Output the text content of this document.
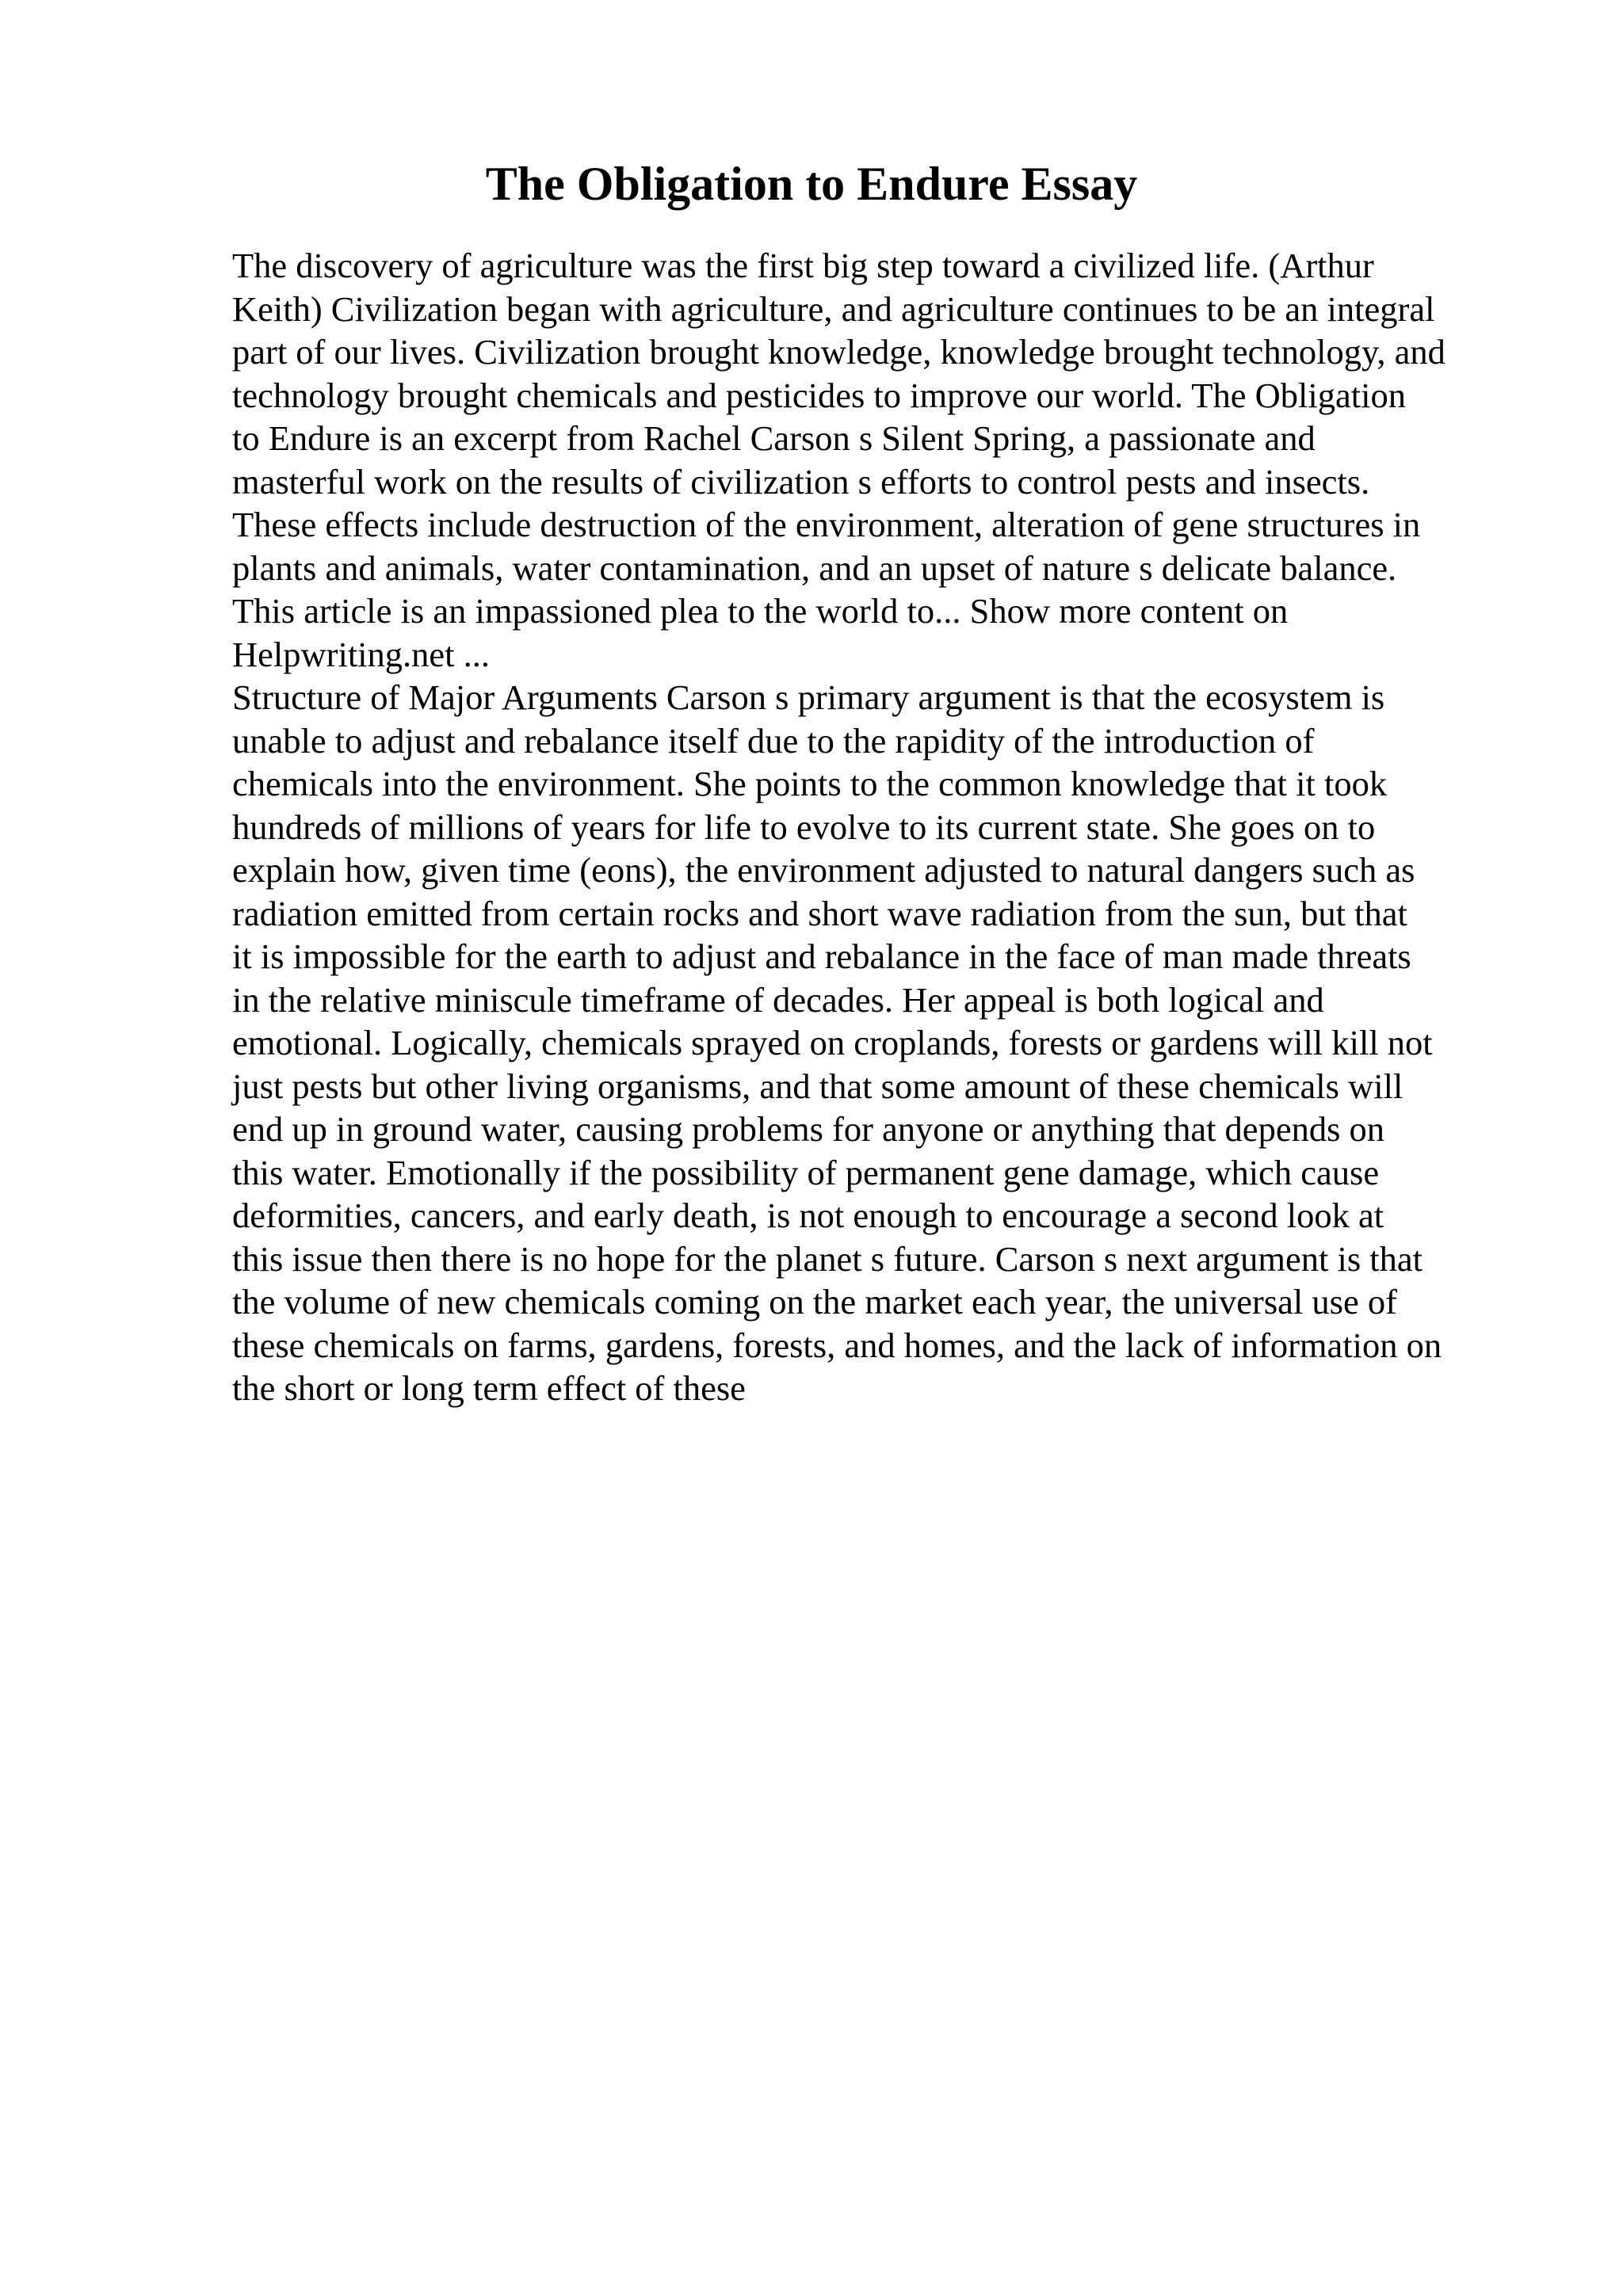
The Obligation to Endure Essay
The discovery of agriculture was the first big step toward a civilized life. (Arthur
Keith) Civilization began with agriculture, and agriculture continues to be an integral
part of our lives. Civilization brought knowledge, knowledge brought technology, and
technology brought chemicals and pesticides to improve our world. The Obligation
to Endure is an excerpt from Rachel Carson s Silent Spring, a passionate and
masterful work on the results of civilization s efforts to control pests and insects.
These effects include destruction of the environment, alteration of gene structures in
plants and animals, water contamination, and an upset of nature s delicate balance.
This article is an impassioned plea to the world to... Show more content on
Helpwriting.net ...
Structure of Major Arguments Carson s primary argument is that the ecosystem is
unable to adjust and rebalance itself due to the rapidity of the introduction of
chemicals into the environment. She points to the common knowledge that it took
hundreds of millions of years for life to evolve to its current state. She goes on to
explain how, given time (eons), the environment adjusted to natural dangers such as
radiation emitted from certain rocks and short wave radiation from the sun, but that
it is impossible for the earth to adjust and rebalance in the face of man made threats
in the relative miniscule timeframe of decades. Her appeal is both logical and
emotional. Logically, chemicals sprayed on croplands, forests or gardens will kill not
just pests but other living organisms, and that some amount of these chemicals will
end up in ground water, causing problems for anyone or anything that depends on
this water. Emotionally if the possibility of permanent gene damage, which cause
deformities, cancers, and early death, is not enough to encourage a second look at
this issue then there is no hope for the planet s future. Carson s next argument is that
the volume of new chemicals coming on the market each year, the universal use of
these chemicals on farms, gardens, forests, and homes, and the lack of information on
the short or long term effect of these
